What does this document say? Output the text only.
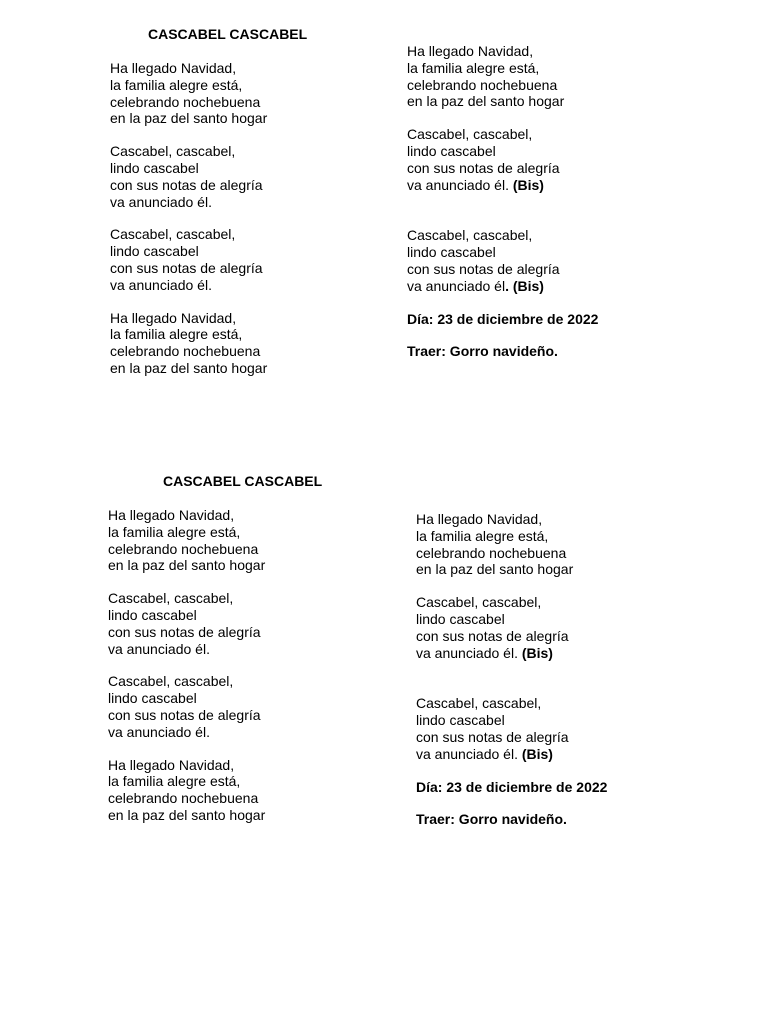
CASCABEL CASCABEL
Ha llegado Navidad,
la familia alegre está,
celebrando nochebuena
en la paz del santo hogar
Cascabel, cascabel,
lindo cascabel
con sus notas de alegría
va anunciado él.
Cascabel, cascabel,
lindo cascabel
con sus notas de alegría
va anunciado él.
Ha llegado Navidad,
la familia alegre está,
celebrando nochebuena
en la paz del santo hogar
Ha llegado Navidad,
la familia alegre está,
celebrando nochebuena
en la paz del santo hogar
Cascabel, cascabel,
lindo cascabel
con sus notas de alegría
va anunciado él. (Bis)
Cascabel, cascabel,
lindo cascabel
con sus notas de alegría
va anunciado él. (Bis)
Día: 23 de diciembre de 2022
Traer: Gorro navideño.
CASCABEL CASCABEL
Ha llegado Navidad,
la familia alegre está,
celebrando nochebuena
en la paz del santo hogar
Cascabel, cascabel,
lindo cascabel
con sus notas de alegría
va anunciado él.
Cascabel, cascabel,
lindo cascabel
con sus notas de alegría
va anunciado él.
Ha llegado Navidad,
la familia alegre está,
celebrando nochebuena
en la paz del santo hogar
Ha llegado Navidad,
la familia alegre está,
celebrando nochebuena
en la paz del santo hogar
Cascabel, cascabel,
lindo cascabel
con sus notas de alegría
va anunciado él. (Bis)
Cascabel, cascabel,
lindo cascabel
con sus notas de alegría
va anunciado él. (Bis)
Día: 23 de diciembre de 2022
Traer: Gorro navideño.
